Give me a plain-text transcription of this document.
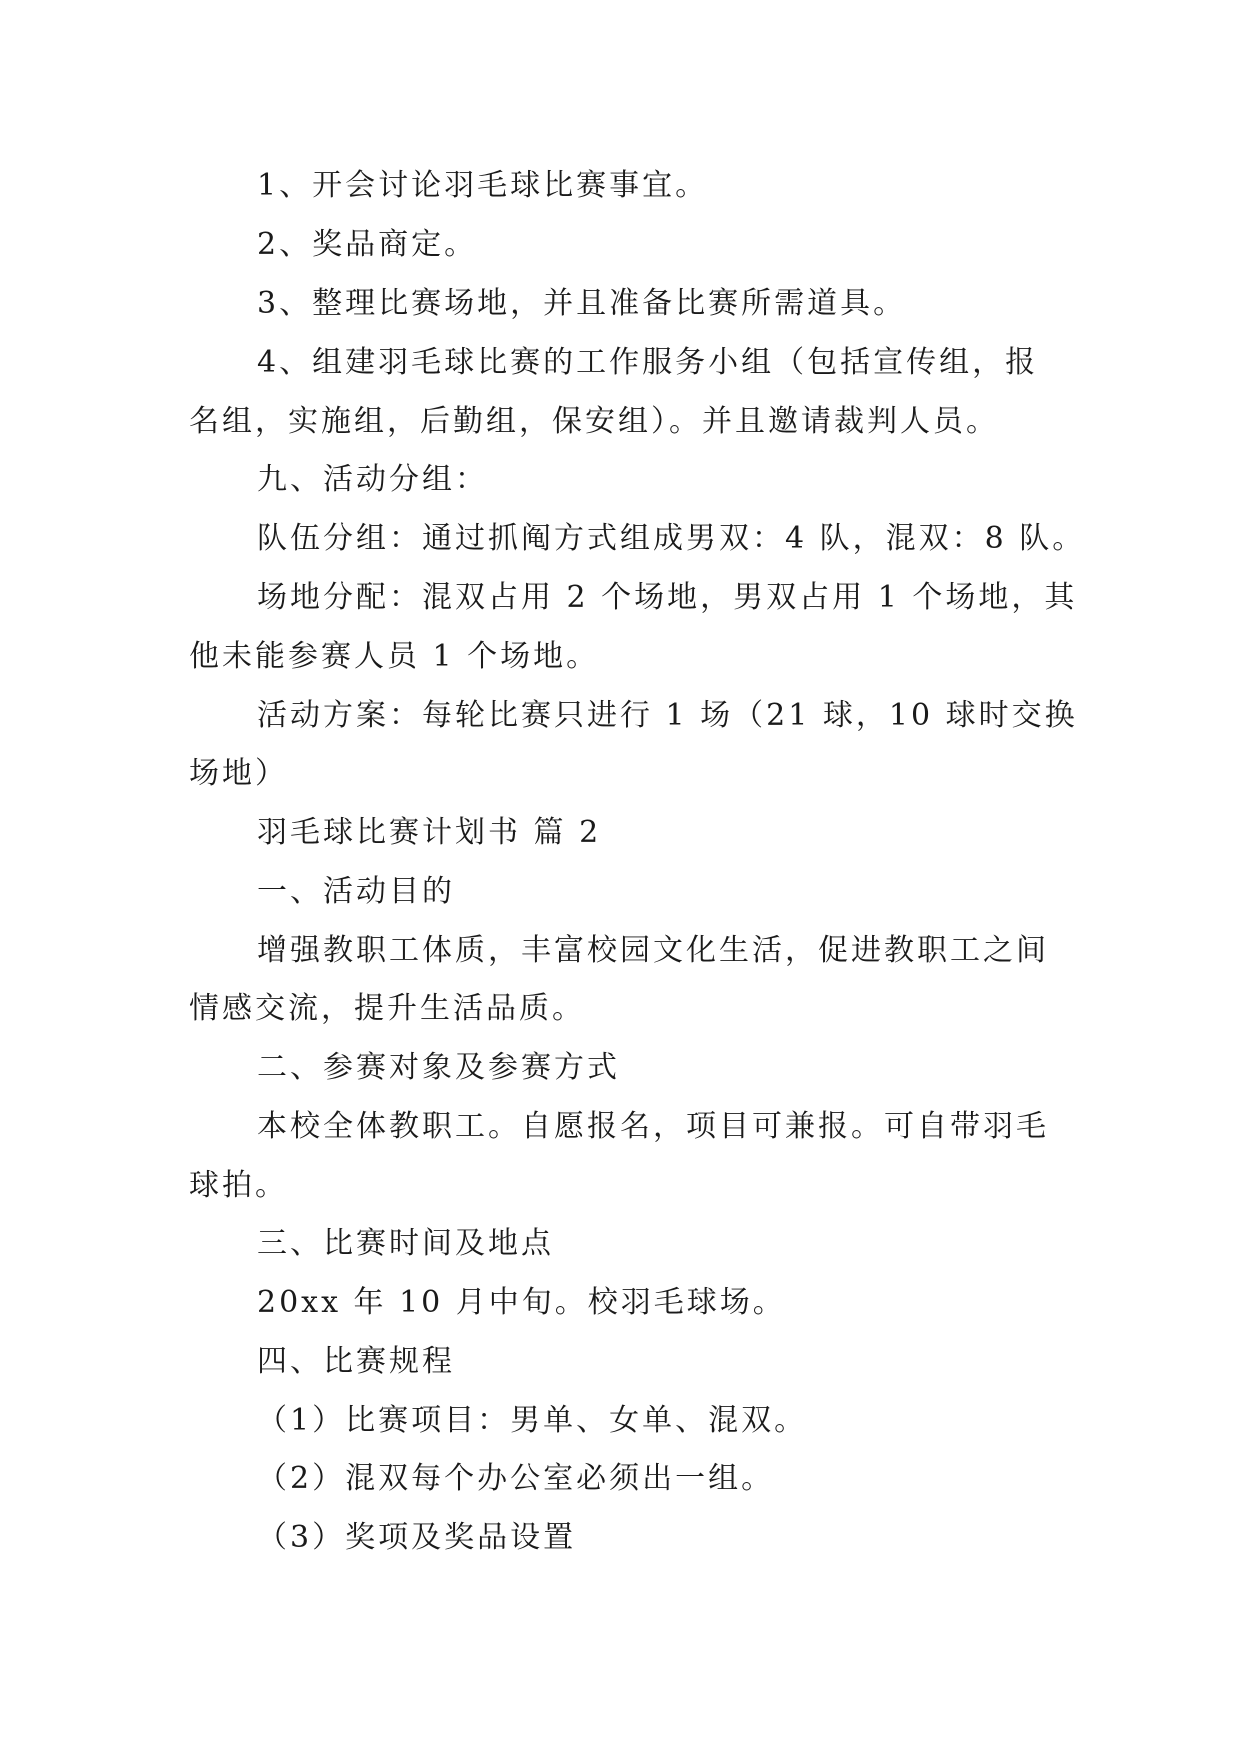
1、开会讨论羽毛球比赛事宜。
2、奖品商定。
3、整理比赛场地，并且准备比赛所需道具。
4、组建羽毛球比赛的工作服务小组（包括宣传组，报
名组，实施组，后勤组，保安组）。并且邀请裁判人员。
九、活动分组：
队伍分组：通过抓阄方式组成男双：4 队，混双：8 队。
场地分配：混双占用 2 个场地，男双占用 1 个场地，其
他未能参赛人员 1 个场地。
活动方案：每轮比赛只进行 1 场（21 球，10 球时交换
场地）
羽毛球比赛计划书 篇 2
一、活动目的
增强教职工体质，丰富校园文化生活，促进教职工之间
情感交流，提升生活品质。
二、参赛对象及参赛方式
本校全体教职工。自愿报名，项目可兼报。可自带羽毛
球拍。
三、比赛时间及地点
20xx 年 10 月中旬。校羽毛球场。
四、比赛规程
（1）比赛项目：男单、女单、混双。
（2）混双每个办公室必须出一组。
（3）奖项及奖品设置
